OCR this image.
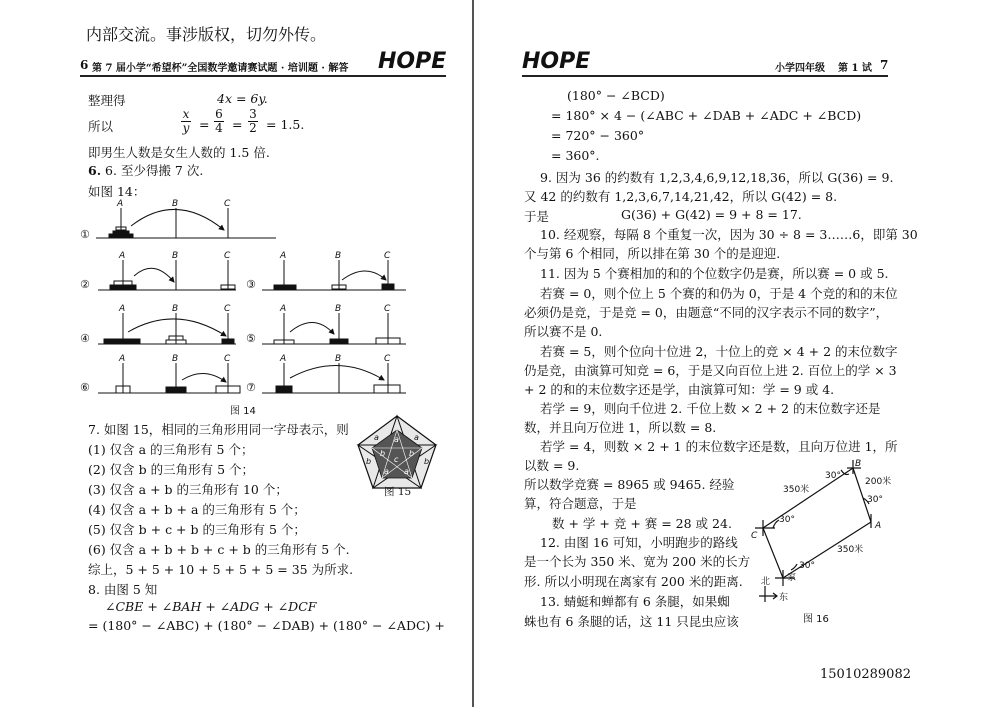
内部交流。事涉版权，切勿外传。
6 第 7 届小学“希望杯”全国数学邀请赛试题 · 培训题 · 解答 HOPE	HOPE	小学四年级 第 1 试 7
整理得	4x = 6y.
所以
x
y =
6
4 =
3
2 = 1.5.
即男生人数是女生人数的 1.5 倍.
6. 6. 至少得搬 7 次.
如图 14：
A	B	C
A	B	C	A	B	C
A	B	C	A	B	C
A	B	C	A	B	C
①
②	③
④	⑤
⑥	⑦
图 14
7. 如图 15，相同的三角形用同一字母表示，则
(1) 仅含 a 的三角形有 5 个；
(2) 仅含 b 的三角形有 5 个；
(3) 仅含 a + b 的三角形有 10 个；
(4) 仅含 a + b + a 的三角形有 5 个；
(5) 仅含 b + c + b 的三角形有 5 个；
(6) 仅含 a + b + b + c + b 的三角形有 5 个.
综上，5 + 5 + 10 + 5 + 5 + 5 = 35 为所求.
a
b
c
b
a a
a
a
b
b
图 15
8. 由图 5 知
∠CBE + ∠BAH + ∠ADG + ∠DCF
= (180° − ∠ABC) + (180° − ∠DAB) + (180° − ∠ADC) +
(180° − ∠BCD)
= 180° × 4 − (∠ABC + ∠DAB + ∠ADC + ∠BCD)
= 720° − 360°
= 360°.
9. 因为 36 的约数有 1,2,3,4,6,9,12,18,36，所以 G(36) = 9.
又 42 的约数有 1,2,3,6,7,14,21,42，所以 G(42) = 8.
于是	G(36) + G(42) = 9 + 8 = 17.
10. 经观察，每隔 8 个重复一次，因为 30 ÷ 8 = 3……6，即第 30
个与第 6 个相同，所以排在第 30 个的是迎迎.
11. 因为 5 个赛相加的和的个位数字仍是赛，所以赛 = 0 或 5.
若赛 = 0，则个位上 5 个赛的和仍为 0，于是 4 个竞的和的末位
必须仍是竞，于是竞 = 0，由题意“不同的汉字表示不同的数字”，
所以赛不是 0.
若赛 = 5，则个位向十位进 2，十位上的竞 × 4 + 2 的末位数字
仍是竞，由演算可知竞 = 6，于是又向百位上进 2. 百位上的学 × 3
+ 2 的和的末位数字还是学，由演算可知：学 = 9 或 4.
若学 = 9，则向千位进 2. 千位上数 × 2 + 2 的末位数字还是
数，并且向万位进 1，所以数 = 8.
若学 = 4，则数 × 2 + 1 的末位数字还是数，且向万位进 1，所
以数 = 9.
所以数学竞赛 = 8965 或 9465. 经验
算，符合题意，于是
数 + 学 + 竞 + 赛 = 28 或 24.
12. 由图 16 可知，小明跑步的路线
是一个长为 350 米、宽为 200 米的长方
形. 所以小明现在离家有 200 米的距离.
13. 蜻蜓和蝉都有 6 条腿，如果蜘
蛛也有 6 条腿的话，这 11 只昆虫应该
B
C
A
350米
350米
200米
30°
30°
30°
30°
家
北
东
图 16
15010289082
